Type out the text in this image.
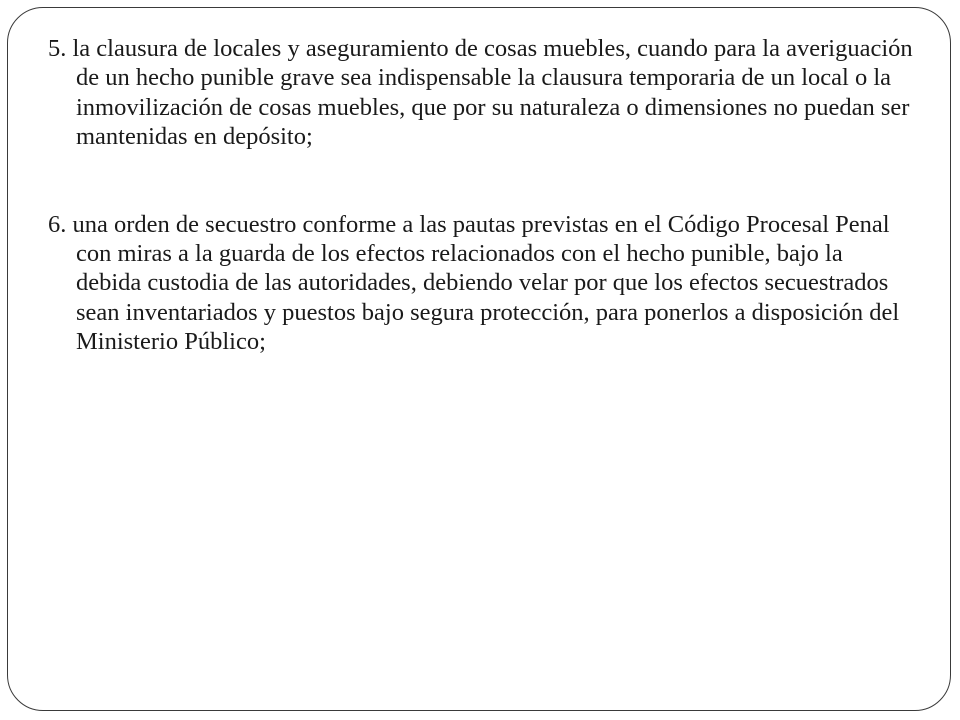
5. la clausura de locales y aseguramiento de cosas muebles, cuando para la averiguación de un hecho punible grave sea indispensable la clausura temporaria de un local o la inmovilización de cosas muebles, que por su naturaleza o dimensiones no puedan ser mantenidas en depósito;

6. una orden de secuestro conforme a las pautas previstas en el Código Procesal Penal con miras a la guarda de los efectos relacionados con el hecho punible, bajo la debida custodia de las autoridades, debiendo velar por que los efectos secuestrados sean inventariados y puestos bajo segura protección, para ponerlos a disposición del Ministerio Público;
